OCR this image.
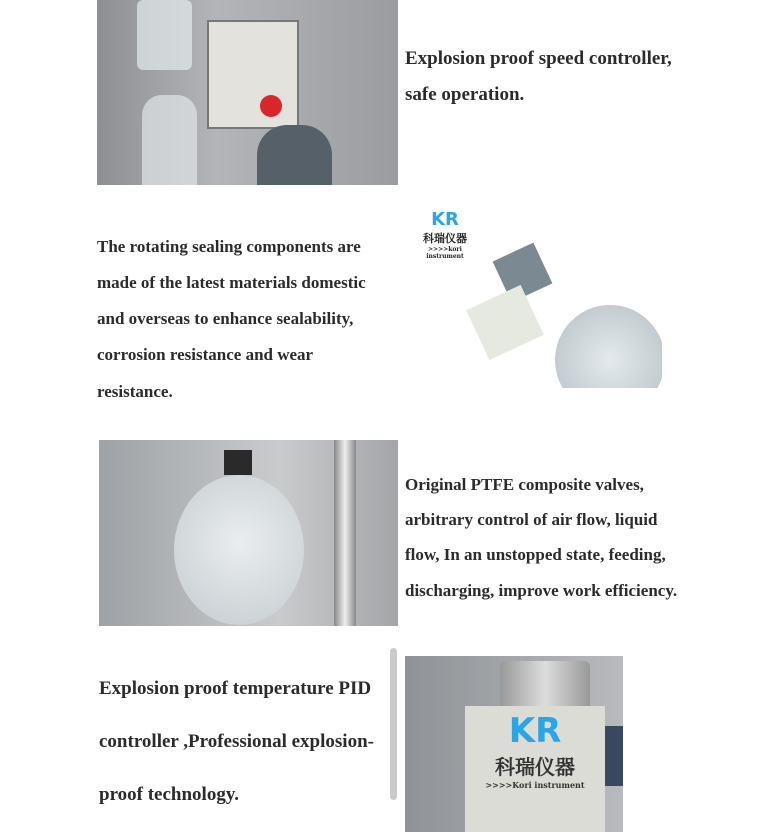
Explosion proof speed controller,
safe operation.
The rotating sealing components are
made of the latest materials domestic
and overseas to enhance sealability,
corrosion resistance and wear
resistance.
KR
科瑞仪器
>>>>kori instrument
Original PTFE composite valves,
arbitrary control of air flow, liquid
flow, In an unstopped state, feeding,
discharging, improve work efficiency.
Explosion proof temperature PID
controller ,Professional explosion-
proof technology.
KR
科瑞仪器
>>>>Kori instrument
